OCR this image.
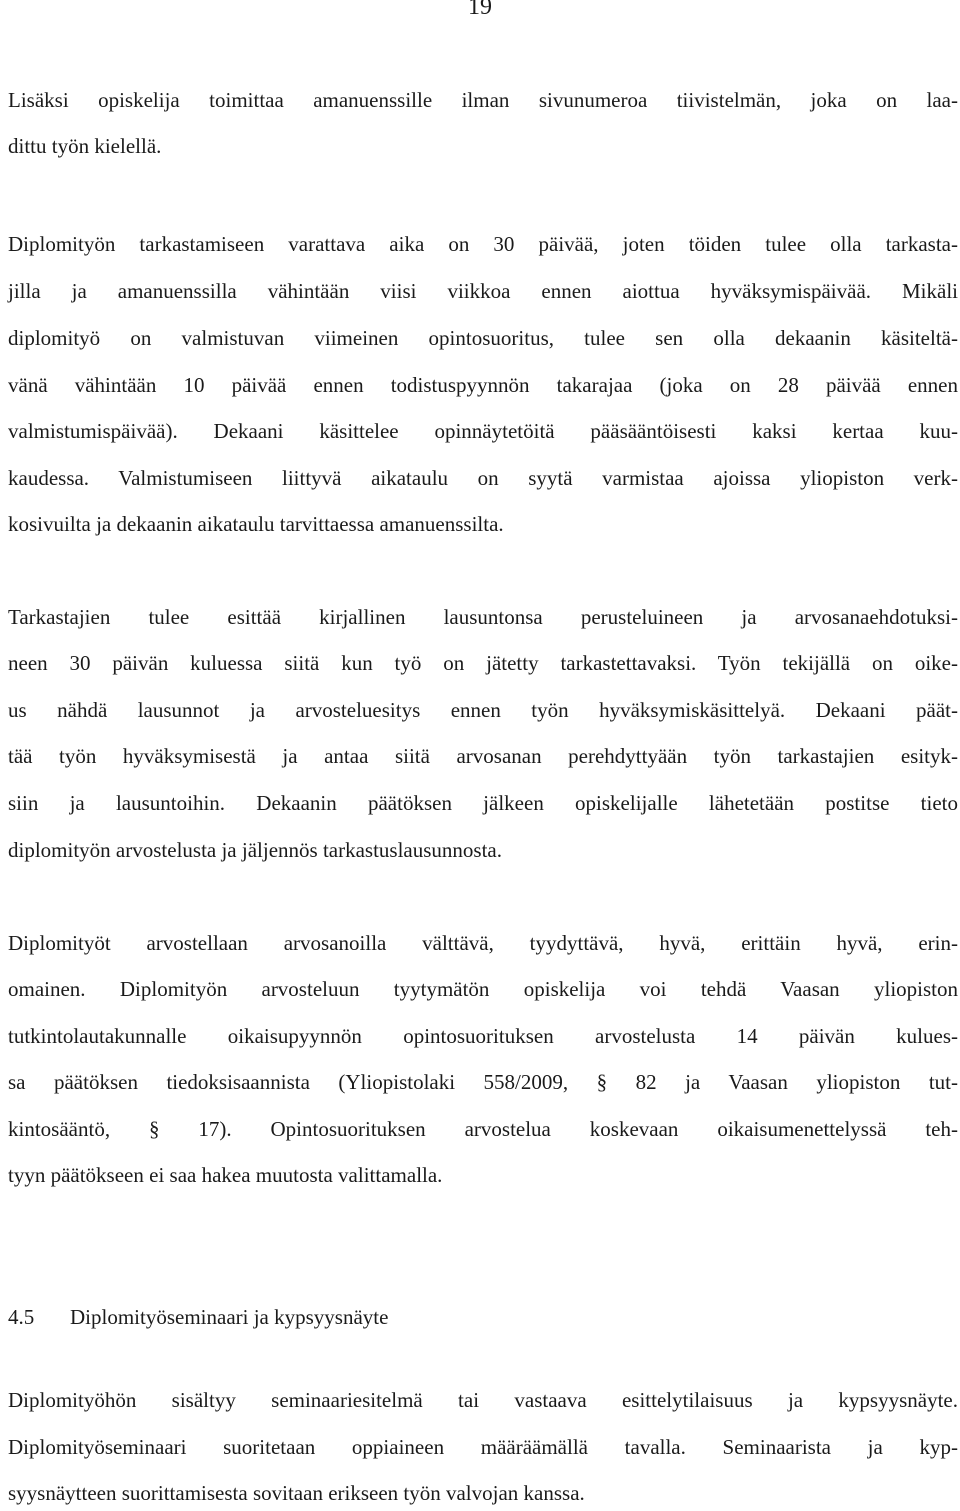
19
Lisäksi opiskelija toimittaa amanuenssille ilman sivunumeroa tiivistelmän, joka on laa-
dittu työn kielellä.
Diplomityön tarkastamiseen varattava aika on 30 päivää, joten töiden tulee olla tarkasta-
jilla ja amanuenssilla vähintään viisi viikkoa ennen aiottua hyväksymispäivää. Mikäli
diplomityö on valmistuvan viimeinen opintosuoritus, tulee sen olla dekaanin käsiteltä-
vänä vähintään 10 päivää ennen todistuspyynnön takarajaa (joka on 28 päivää ennen
valmistumispäivää). Dekaani käsittelee opinnäytetöitä pääsääntöisesti kaksi kertaa kuu-
kaudessa. Valmistumiseen liittyvä aikataulu on syytä varmistaa ajoissa yliopiston verk-
kosivuilta ja dekaanin aikataulu tarvittaessa amanuenssilta.
Tarkastajien tulee esittää kirjallinen lausuntonsa perusteluineen ja arvosanaehdotuksi-
neen 30 päivän kuluessa siitä kun työ on jätetty tarkastettavaksi. Työn tekijällä on oike-
us nähdä lausunnot ja arvosteluesitys ennen työn hyväksymiskäsittelyä. Dekaani päät-
tää työn hyväksymisestä ja antaa siitä arvosanan perehdyttyään työn tarkastajien esityk-
siin ja lausuntoihin. Dekaanin päätöksen jälkeen opiskelijalle lähetetään postitse tieto
diplomityön arvostelusta ja jäljennös tarkastuslausunnosta.
Diplomityöt arvostellaan arvosanoilla välttävä, tyydyttävä, hyvä, erittäin hyvä, erin-
omainen. Diplomityön arvosteluun tyytymätön opiskelija voi tehdä Vaasan yliopiston
tutkintolautakunnalle oikaisupyynnön opintosuorituksen arvostelusta 14 päivän kulues-
sa päätöksen tiedoksisaannista (Yliopistolaki 558/2009, § 82 ja Vaasan yliopiston tut-
kintosääntö, § 17). Opintosuorituksen arvostelua koskevaan oikaisumenettelyssä teh-
tyyn päätökseen ei saa hakea muutosta valittamalla.
4.5 Diplomityöseminaari ja kypsyysnäyte
Diplomityöhön sisältyy seminaariesitelmä tai vastaava esittelytilaisuus ja kypsyysnäyte.
Diplomityöseminaari suoritetaan oppiaineen määräämällä tavalla. Seminaarista ja kyp-
syysnäytteen suorittamisesta sovitaan erikseen työn valvojan kanssa.
